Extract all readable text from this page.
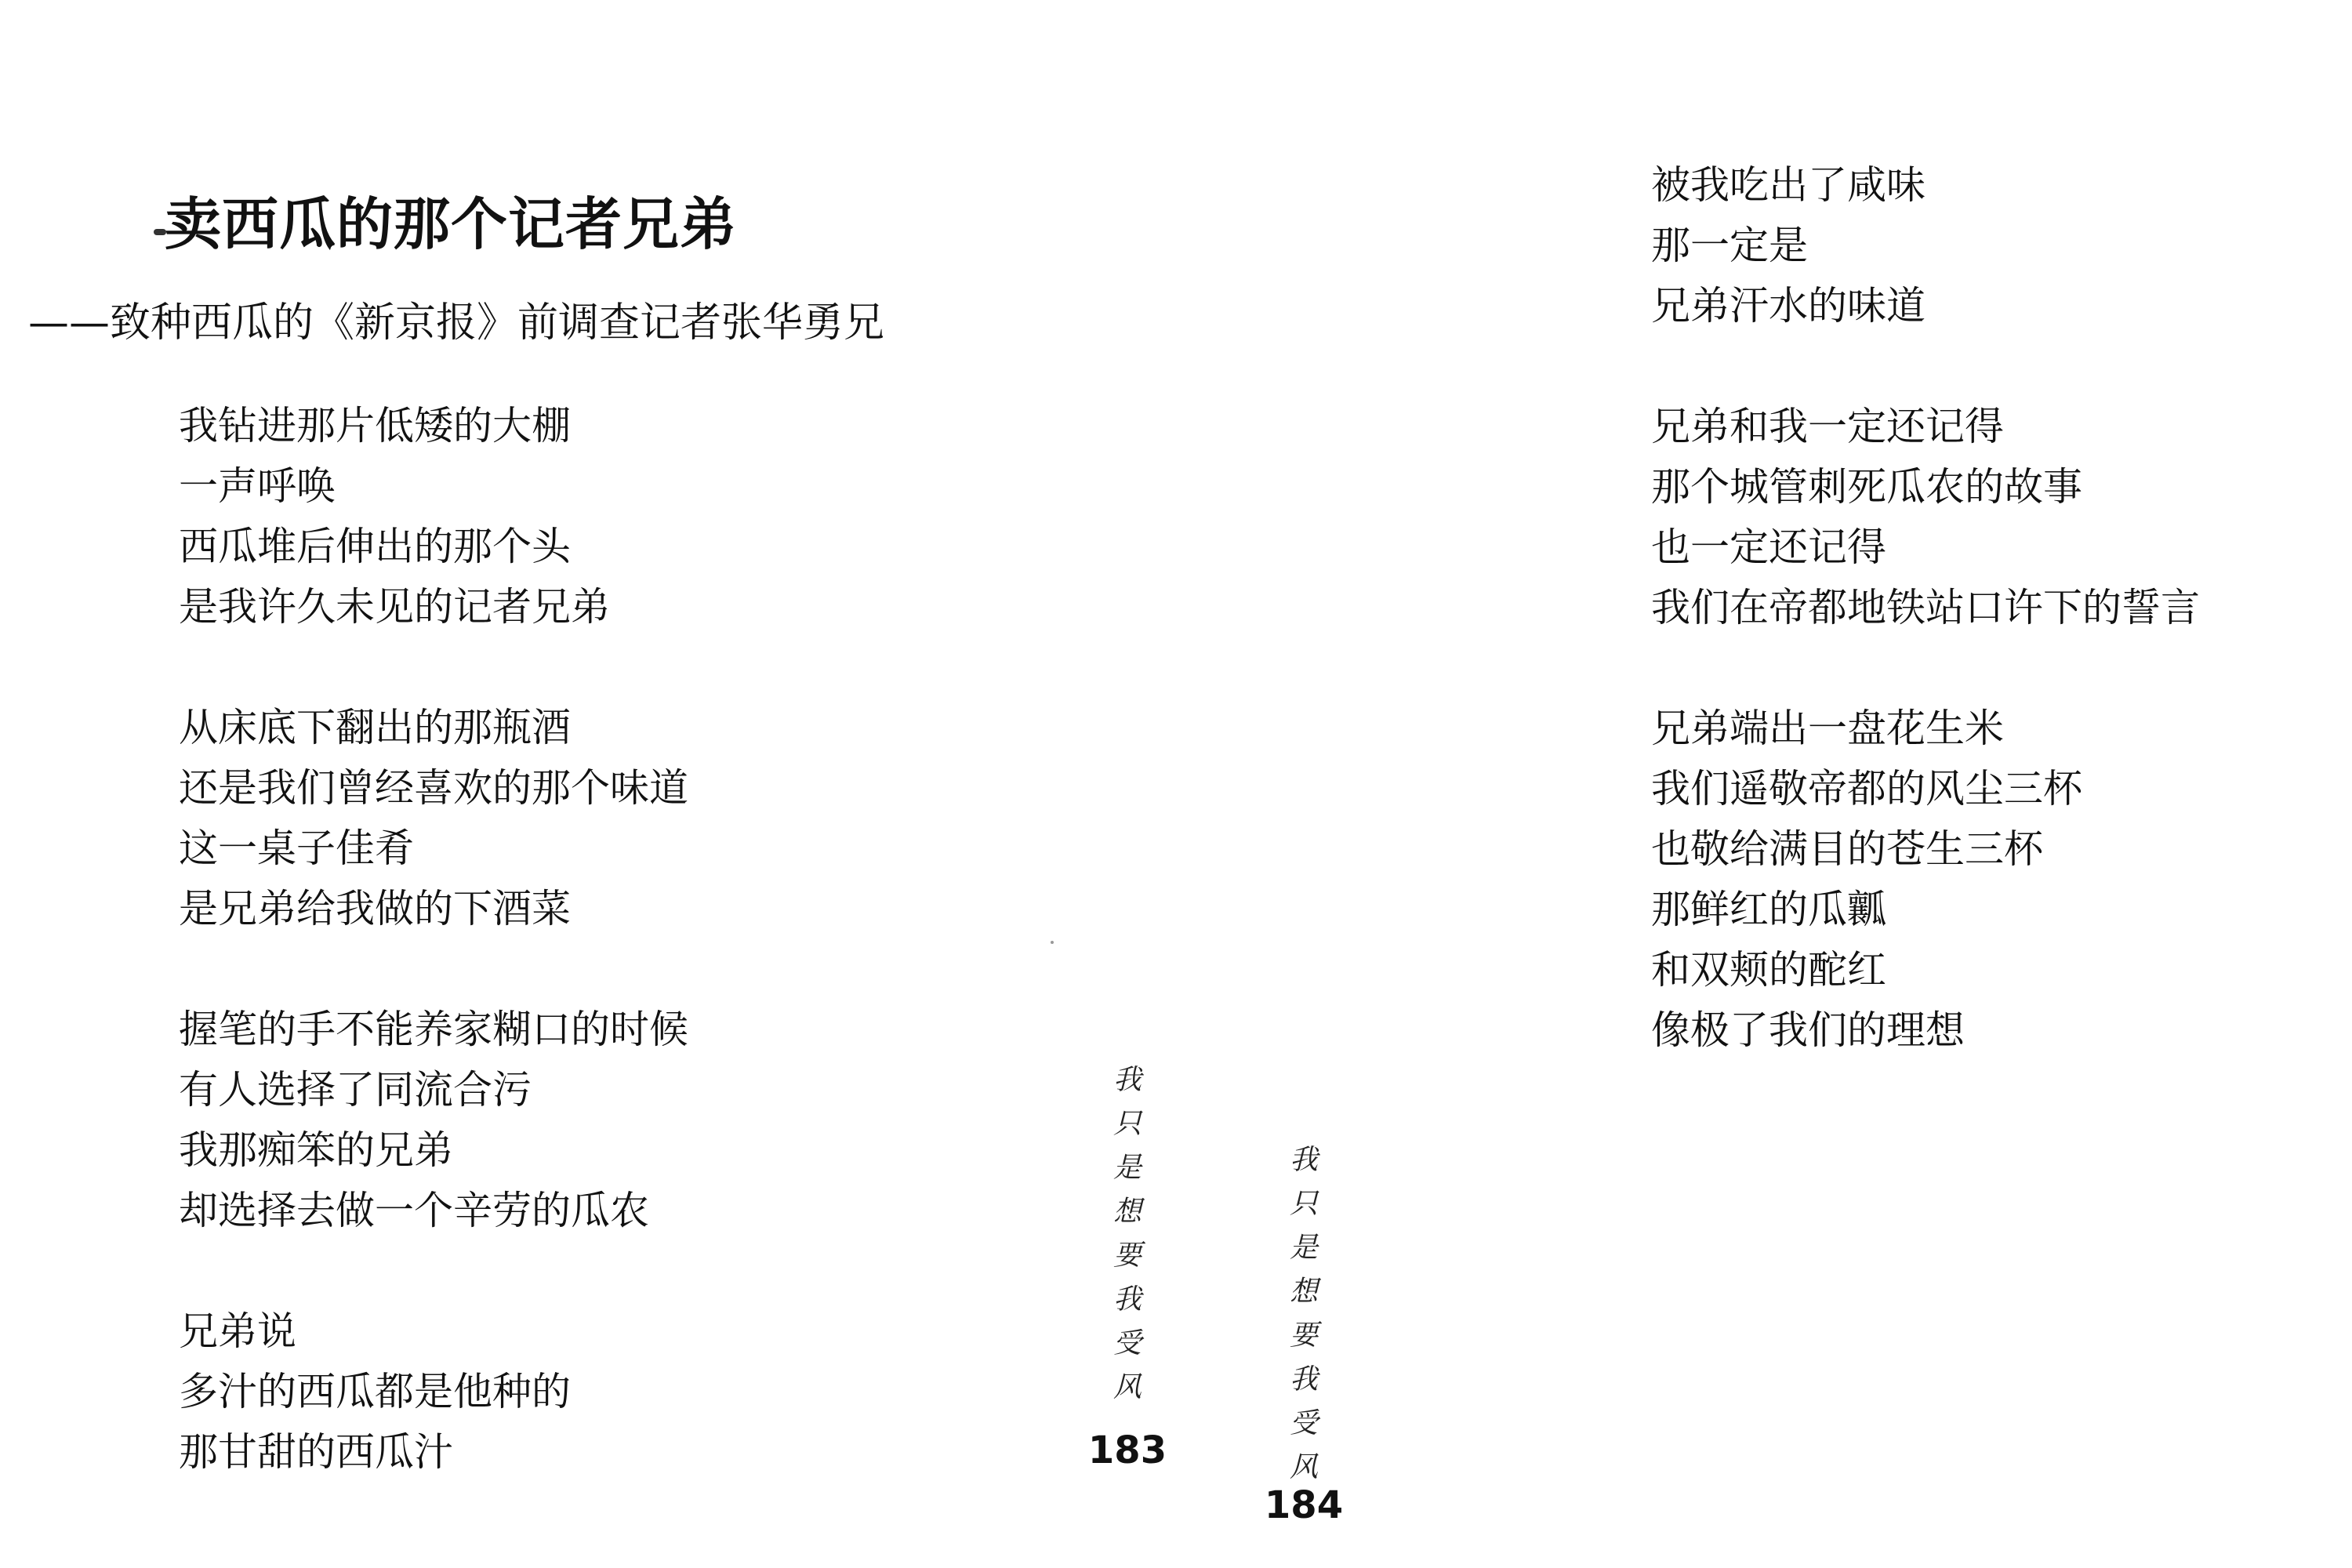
卖西瓜的那个记者兄弟
——致种西瓜的《新京报》前调查记者张华勇兄
我钻进那片低矮的大棚
一声呼唤
西瓜堆后伸出的那个头
是我许久未见的记者兄弟
从床底下翻出的那瓶酒
还是我们曾经喜欢的那个味道
这一桌子佳肴
是兄弟给我做的下酒菜
握笔的手不能养家糊口的时候
有人选择了同流合污
我那痴笨的兄弟
却选择去做一个辛劳的瓜农
兄弟说
多汁的西瓜都是他种的
那甘甜的西瓜汁
被我吃出了咸味
那一定是
兄弟汗水的味道
兄弟和我一定还记得
那个城管刺死瓜农的故事
也一定还记得
我们在帝都地铁站口许下的誓言
兄弟端出一盘花生米
我们遥敬帝都的风尘三杯
也敬给满目的苍生三杯
那鲜红的瓜瓤
和双颊的酡红
像极了我们的理想
我
只
是
想
要
我
受
风
我
只
是
想
要
我
受
风
183
184
